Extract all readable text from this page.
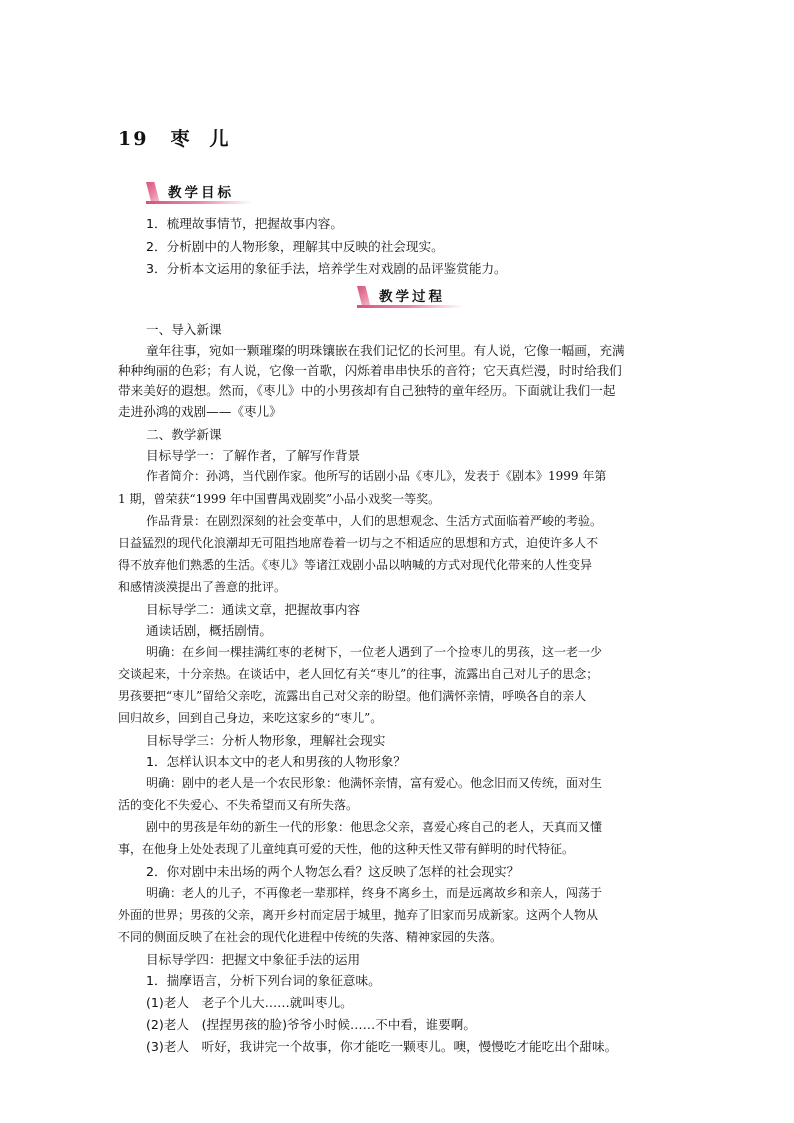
19 枣 儿
教学目标
1．梳理故事情节，把握故事内容。
2．分析剧中的人物形象，理解其中反映的社会现实。
3．分析本文运用的象征手法，培养学生对戏剧的品评鉴赏能力。
教学过程
一、导入新课
童年往事，宛如一颗璀璨的明珠镶嵌在我们记忆的长河里。有人说，它像一幅画，充满
种种绚丽的色彩；有人说，它像一首歌，闪烁着串串快乐的音符；它天真烂漫，时时给我们
带来美好的遐想。然而，《枣儿》中的小男孩却有自己独特的童年经历。下面就让我们一起
走进孙鸿的戏剧——《枣儿》
二、教学新课
目标导学一：了解作者，了解写作背景
作者简介：孙鸿，当代剧作家。他所写的话剧小品《枣儿》，发表于《剧本》1999 年第
1 期，曾荣获“1999 年中国曹禺戏剧奖”小品小戏奖一等奖。
作品背景：在剧烈深刻的社会变革中，人们的思想观念、生活方式面临着严峻的考验。
日益猛烈的现代化浪潮却无可阻挡地席卷着一切与之不相适应的思想和方式，迫使许多人不
得不放弃他们熟悉的生活。《枣儿》等诸江戏剧小品以呐喊的方式对现代化带来的人性变异
和感情淡漠提出了善意的批评。
目标导学二：通读文章，把握故事内容
通读话剧，概括剧情。
明确：在乡间一棵挂满红枣的老树下，一位老人遇到了一个捡枣儿的男孩，这一老一少
交谈起来，十分亲热。在谈话中，老人回忆有关“枣儿”的往事，流露出自己对儿子的思念；
男孩要把“枣儿”留给父亲吃，流露出自己对父亲的盼望。他们满怀亲情，呼唤各自的亲人
回归故乡，回到自己身边，来吃这家乡的“枣儿”。
目标导学三：分析人物形象，理解社会现实
1．怎样认识本文中的老人和男孩的人物形象？
明确：剧中的老人是一个农民形象：他满怀亲情，富有爱心。他念旧而又传统，面对生
活的变化不失爱心、不失希望而又有所失落。
剧中的男孩是年幼的新生一代的形象：他思念父亲，喜爱心疼自己的老人，天真而又懂
事，在他身上处处表现了儿童纯真可爱的天性，他的这种天性又带有鲜明的时代特征。
2．你对剧中未出场的两个人物怎么看？这反映了怎样的社会现实？
明确：老人的儿子，不再像老一辈那样，终身不离乡土，而是远离故乡和亲人，闯荡于
外面的世界；男孩的父亲，离开乡村而定居于城里，抛弃了旧家而另成新家。这两个人物从
不同的侧面反映了在社会的现代化进程中传统的失落、精神家园的失落。
目标导学四：把握文中象征手法的运用
1．揣摩语言，分析下列台词的象征意味。
(1)老人　老子个儿大……就叫枣儿。
(2)老人　(捏捏男孩的脸)爷爷小时候……不中看，谁要啊。
(3)老人　听好，我讲完一个故事，你才能吃一颗枣儿。噢，慢慢吃才能吃出个甜味。
